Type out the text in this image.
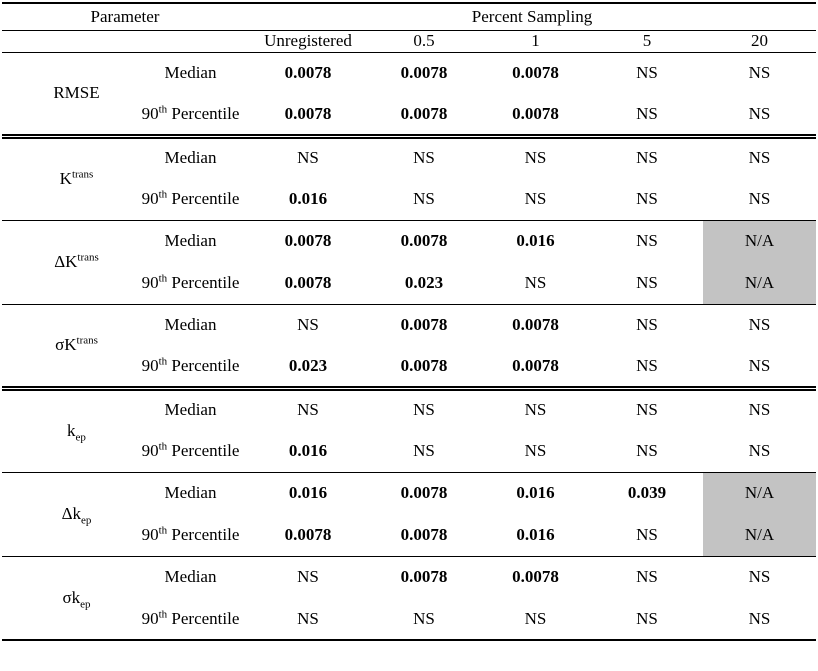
Parameter		Percent Sampling				
		Unregistered	0.5	1	5	20
RMSE	Median	0.0078	0.0078	0.0078	NS	NS
	90th Percentile	0.0078	0.0078	0.0078	NS	NS
$K^{trans}$	Median	NS	NS	NS	NS	NS
	90th Percentile	0.016	NS	NS	NS	NS
$\Delta K^{trans}$	Median	0.0078	0.0078	0.016	NS	N/A
	90th Percentile	0.0078	0.023	NS	NS	N/A
$\sigma K^{trans}$	Median	NS	0.0078	0.0078	NS	NS
	90th Percentile	0.023	0.0078	0.0078	NS	NS
$k_{ep}$	Median	NS	NS	NS	NS	NS
	90th Percentile	0.016	NS	NS	NS	NS
$\Delta k_{ep}$	Median	0.016	0.0078	0.016	0.039	N/A
	90th Percentile	0.0078	0.0078	0.016	NS	N/A
$\sigma k_{ep}$	Median	NS	0.0078	0.0078	NS	NS
	90th Percentile	NS	NS	NS	NS	NS
